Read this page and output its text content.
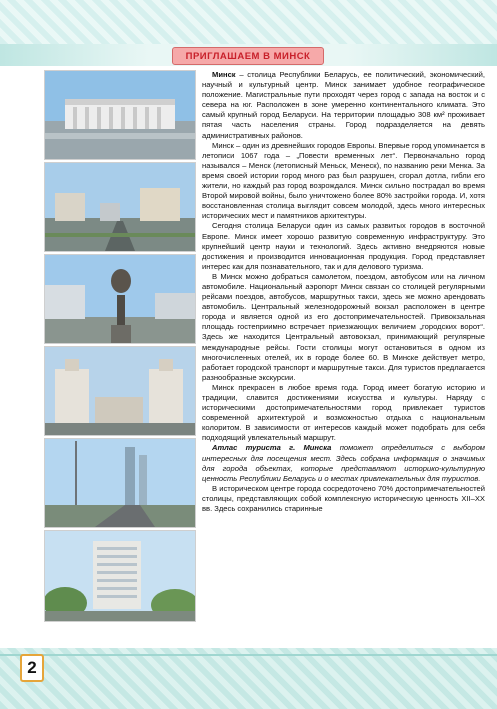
ПРИГЛАШАЕМ В МИНСК

Минск – столица Республики Беларусь, ее политический, экономический, научный и культурный центр. Минск занимает удобное географическое положение. Магистральные пути проходят через город с запада на восток и с севера на юг. Расположен в зоне умеренно континентального климата. Это самый крупный город Беларуси. На территории площадью 308 км² проживает пятая часть населения страны. Город подразделяется на девять административных районов.

Минск – один из древнейших городов Европы. Впервые город упоминается в летописи 1067 года – „Повести временных лет“. Первоначально город назывался – Менск (летописный Меньск, Менеск), по названию реки Менка. За время своей истории город много раз был разрушен, сгорал дотла, гибли его жители, но каждый раз город возрождался. Минск сильно пострадал во время Второй мировой войны, было уничтожено более 80% застройки города. И, хотя восстановленная столица выглядит совсем молодой, здесь много интересных исторических мест и памятников архитектуры.

Сегодня столица Беларуси один из самых развитых городов в восточной Европе. Минск имеет хорошо развитую современную инфраструктуру. Это крупнейший центр науки и технологий. Здесь активно внедряются новые достижения и производится инновационная продукция. Город представляет интерес как для познавательного, так и для делового туризма.

В Минск можно добраться самолетом, поездом, автобусом или на личном автомобиле. Национальный аэропорт Минск связан со столицей регулярными рейсами поездов, автобусов, маршрутных такси, здесь же можно арендовать автомобиль. Центральный железнодорожный вокзал расположен в центре города и является одной из его достопримечательностей. Привокзальная площадь гостеприимно встречает приезжающих величием „городских ворот“. Здесь же находится Центральный автовокзал, принимающий регулярные международные рейсы. Гости столицы могут остановиться в одном из многочисленных отелей, их в городе более 60. В Минске действует метро, работает городской транспорт и маршрутные такси. Для туристов предлагается разнообразные экскурсии.

Минск прекрасен в любое время года. Город имеет богатую историю и традиции, славится достижениями искусства и культуры. Наряду с историческими достопримечательностями город привлекает туристов современной архитектурой и возможностью отдыха с национальным колоритом. В зависимости от интересов каждый может подобрать для себя подходящий увлекательный маршрут.

Атлас туриста г. Минска поможет определиться с выбором интересных для посещения мест. Здесь собрана информация о значимых для города объектах, которые представляют историко-культурную ценность Республики Беларусь и о местах привлекательных для туристов.

В историческом центре города сосредоточено 70% достопримечательностей столицы, представляющих собой комплексную историческую ценность XII–XX вв. Здесь сохранились старинные

2
